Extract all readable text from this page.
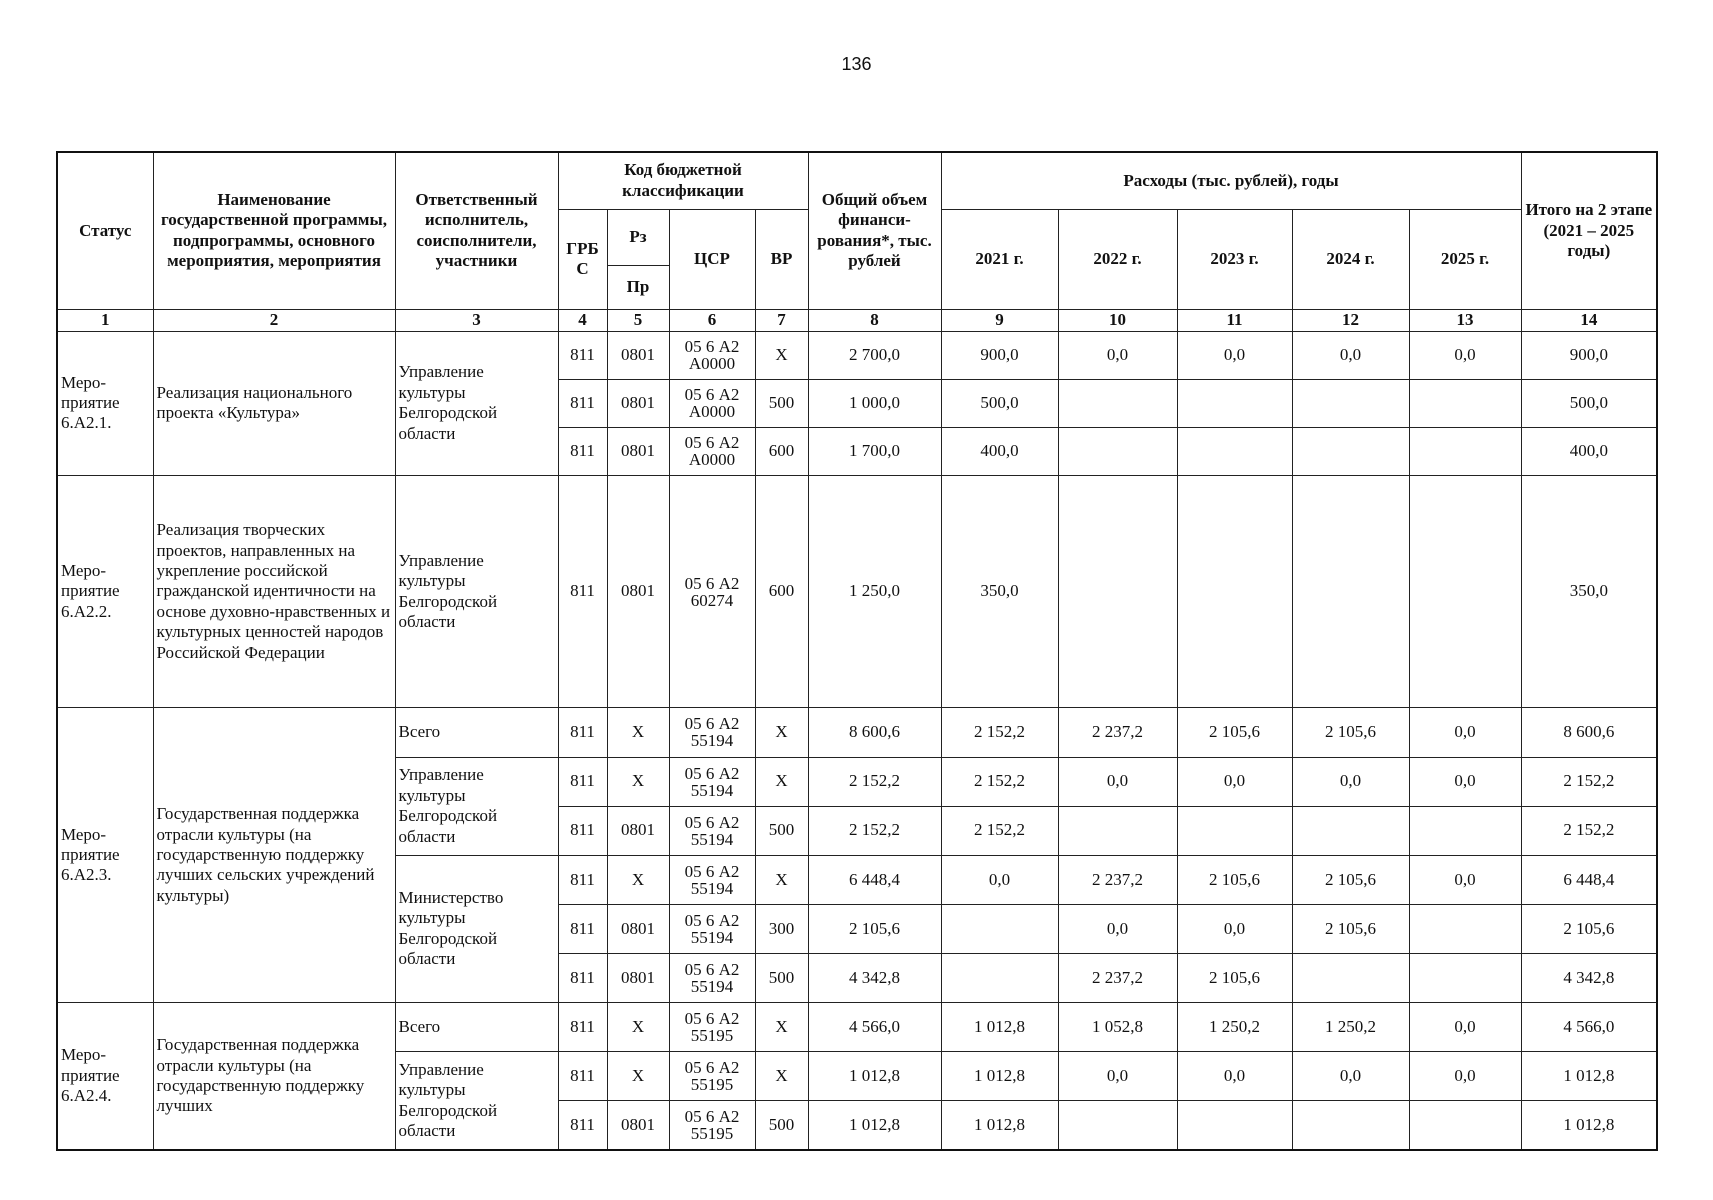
136
Статус	Наименование государственной программы, подпрограммы, основного мероприятия, мероприятия	Ответственный исполнитель, соисполнители, участники	Код бюджетной классификации				Общий объем финанси-рования*, тыс. рублей	Расходы (тыс. рублей), годы					Итого на 2 этапе (2021 – 2025 годы)
			ГРБ С	Рз	ЦСР	ВР		2021 г.	2022 г.	2023 г.	2024 г.	2025 г.	
				Пр									
1	2	3	4	5	6	7	8	9	10	11	12	13	14
Меро-приятие 6.А2.1.	Реализация национального проекта «Культура»	Управление культуры Белгородской области	811	0801	05 6 А2 А0000	Х	2 700,0	900,0	0,0	0,0	0,0	0,0	900,0
			811	0801	05 6 А2 А0000	500	1 000,0	500,0					500,0
			811	0801	05 6 А2 А0000	600	1 700,0	400,0					400,0
Меро-приятие 6.А2.2.	Реализация творческих проектов, направленных на укрепление российской гражданской идентичности на основе духовно-нравственных и культурных ценностей народов Российской Федерации	Управление культуры Белгородской области	811	0801	05 6 А2 60274	600	1 250,0	350,0					350,0
Меро-приятие 6.А2.3.	Государственная поддержка отрасли культуры (на государственную поддержку лучших сельских учреждений культуры)	Всего	811	Х	05 6 А2 55194	Х	8 600,6	2 152,2	2 237,2	2 105,6	2 105,6	0,0	8 600,6
		Управление культуры Белгородской области	811	Х	05 6 А2 55194	Х	2 152,2	2 152,2	0,0	0,0	0,0	0,0	2 152,2
			811	0801	05 6 А2 55194	500	2 152,2	2 152,2					2 152,2
		Министерство культуры Белгородской области	811	Х	05 6 А2 55194	Х	6 448,4	0,0	2 237,2	2 105,6	2 105,6	0,0	6 448,4
			811	0801	05 6 А2 55194	300	2 105,6		0,0	0,0	2 105,6		2 105,6
			811	0801	05 6 А2 55194	500	4 342,8		2 237,2	2 105,6			4 342,8
Меро-приятие 6.А2.4.	Государственная поддержка отрасли культуры (на государственную поддержку лучших	Всего	811	Х	05 6 А2 55195	Х	4 566,0	1 012,8	1 052,8	1 250,2	1 250,2	0,0	4 566,0
		Управление культуры Белгородской области	811	Х	05 6 А2 55195	Х	1 012,8	1 012,8	0,0	0,0	0,0	0,0	1 012,8
			811	0801	05 6 А2 55195	500	1 012,8	1 012,8					1 012,8
